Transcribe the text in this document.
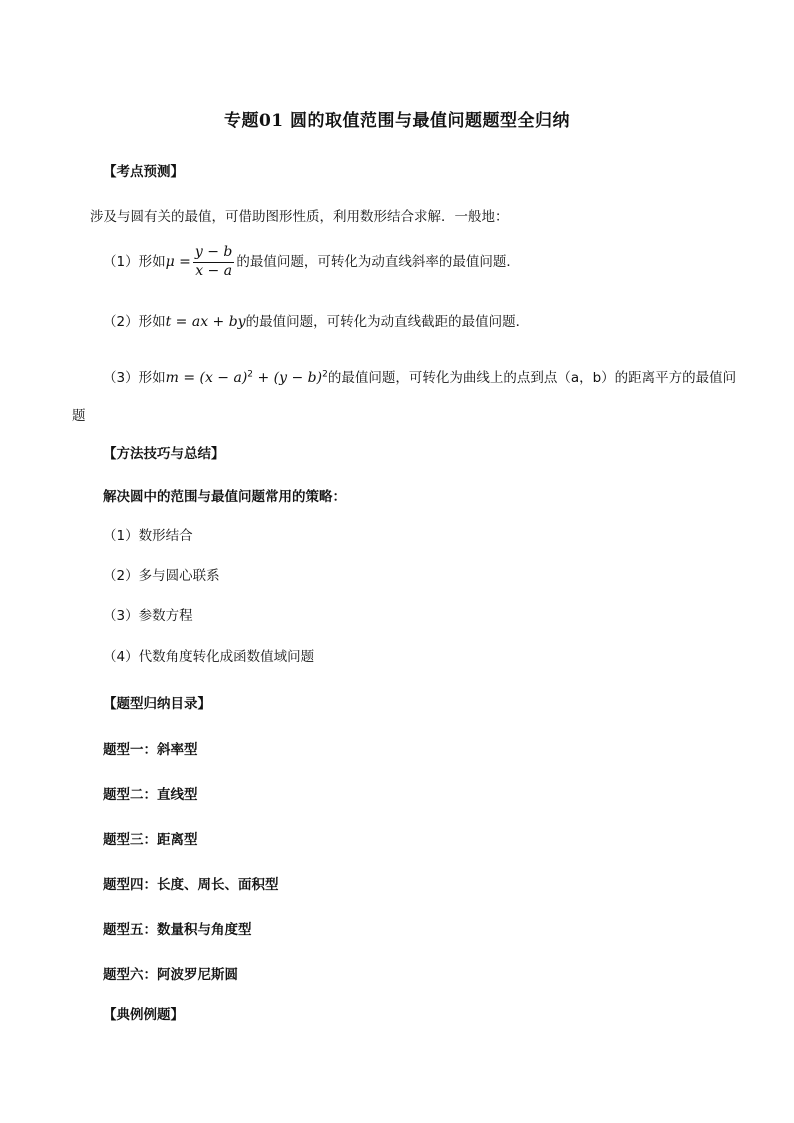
专题01 圆的取值范围与最值问题题型全归纳
【考点预测】
涉及与圆有关的最值，可借助图形性质，利用数形结合求解．一般地：
（1）形如$\mu = \frac{y - b}{x - a}$ 的最值问题，可转化为动直线斜率的最值问题．
（2）形如t = ax + by的最值问题，可转化为动直线截距的最值问题．
（3）形如$m = (x - a)^2 + (y - b)^2$的最值问题，可转化为曲线上的点到点（a，b）的距离平方的最值问
题
【方法技巧与总结】
解决圆中的范围与最值问题常用的策略：
（1）数形结合
（2）多与圆心联系
（3）参数方程
（4）代数角度转化成函数值域问题
【题型归纳目录】
题型一：斜率型
题型二：直线型
题型三：距离型
题型四：长度、周长、面积型
题型五：数量积与角度型
题型六：阿波罗尼斯圆
【典例例题】
